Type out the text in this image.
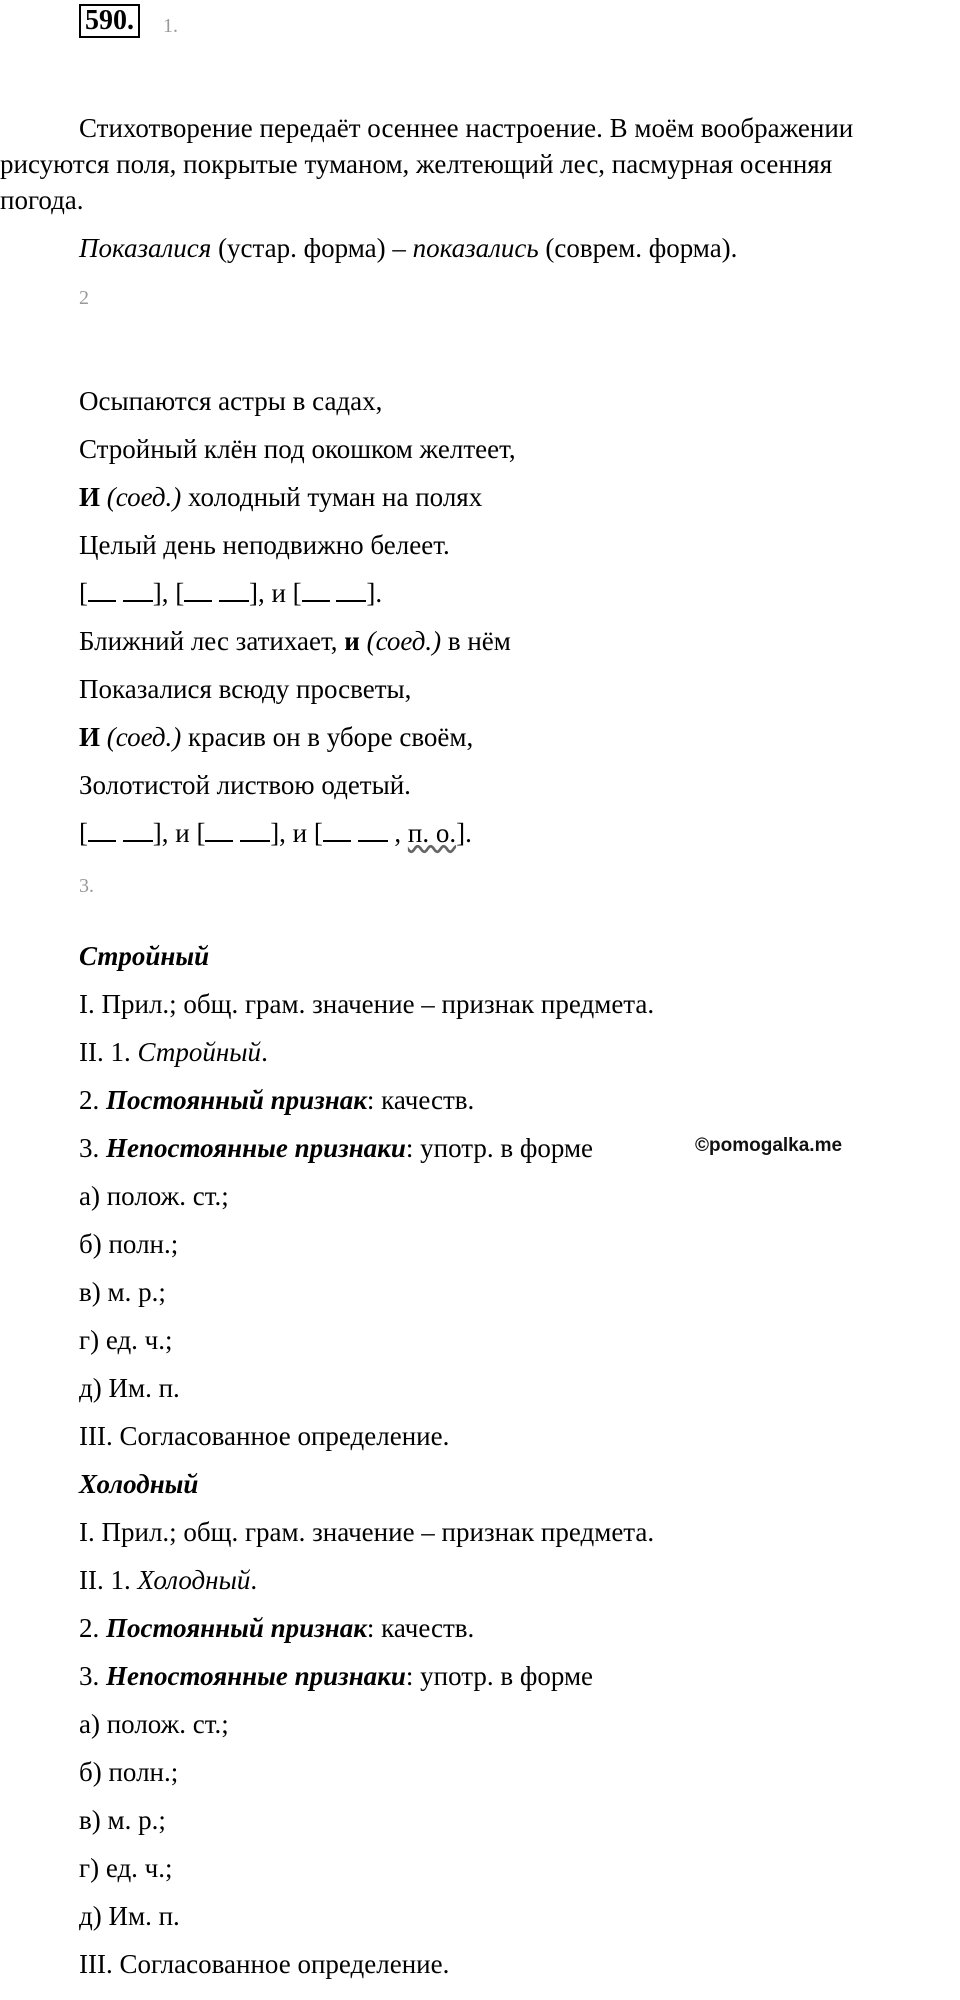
590.	1.
Стихотворение передаёт осеннее настроение. В моём воображении
рисуются поля, покрытые туманом, желтеющий лес, пасмурная осенняя
погода.
Показалися (устар. форма) – показались (соврем. форма).
2
Осыпаются астры в садах,
Стройный клён под окошком желтеет,
И (соед.) холодный туман на полях
Целый день неподвижно белеет.
[ ], [ ], и [ ].
Ближний лес затихает, и (соед.) в нём
Показалися всюду просветы,
И (соед.) красив он в уборе своём,
Золотистой листвою одетый.
[ ], и [ ], и [  , п. о.].
3.
Стройный
I. Прил.; общ. грам. значение – признак предмета.
II. 1. Стройный.
2. Постоянный признак: качеств.
3. Непостоянные признаки: употр. в форме	©pomogalka.me
а) полож. ст.;
б) полн.;
в) м. р.;
г) ед. ч.;
д) Им. п.
III. Согласованное определение.
Холодный
I. Прил.; общ. грам. значение – признак предмета.
II. 1. Холодный.
2. Постоянный признак: качеств.
3. Непостоянные признаки: употр. в форме
а) полож. ст.;
б) полн.;
в) м. р.;
г) ед. ч.;
д) Им. п.
III. Согласованное определение.
